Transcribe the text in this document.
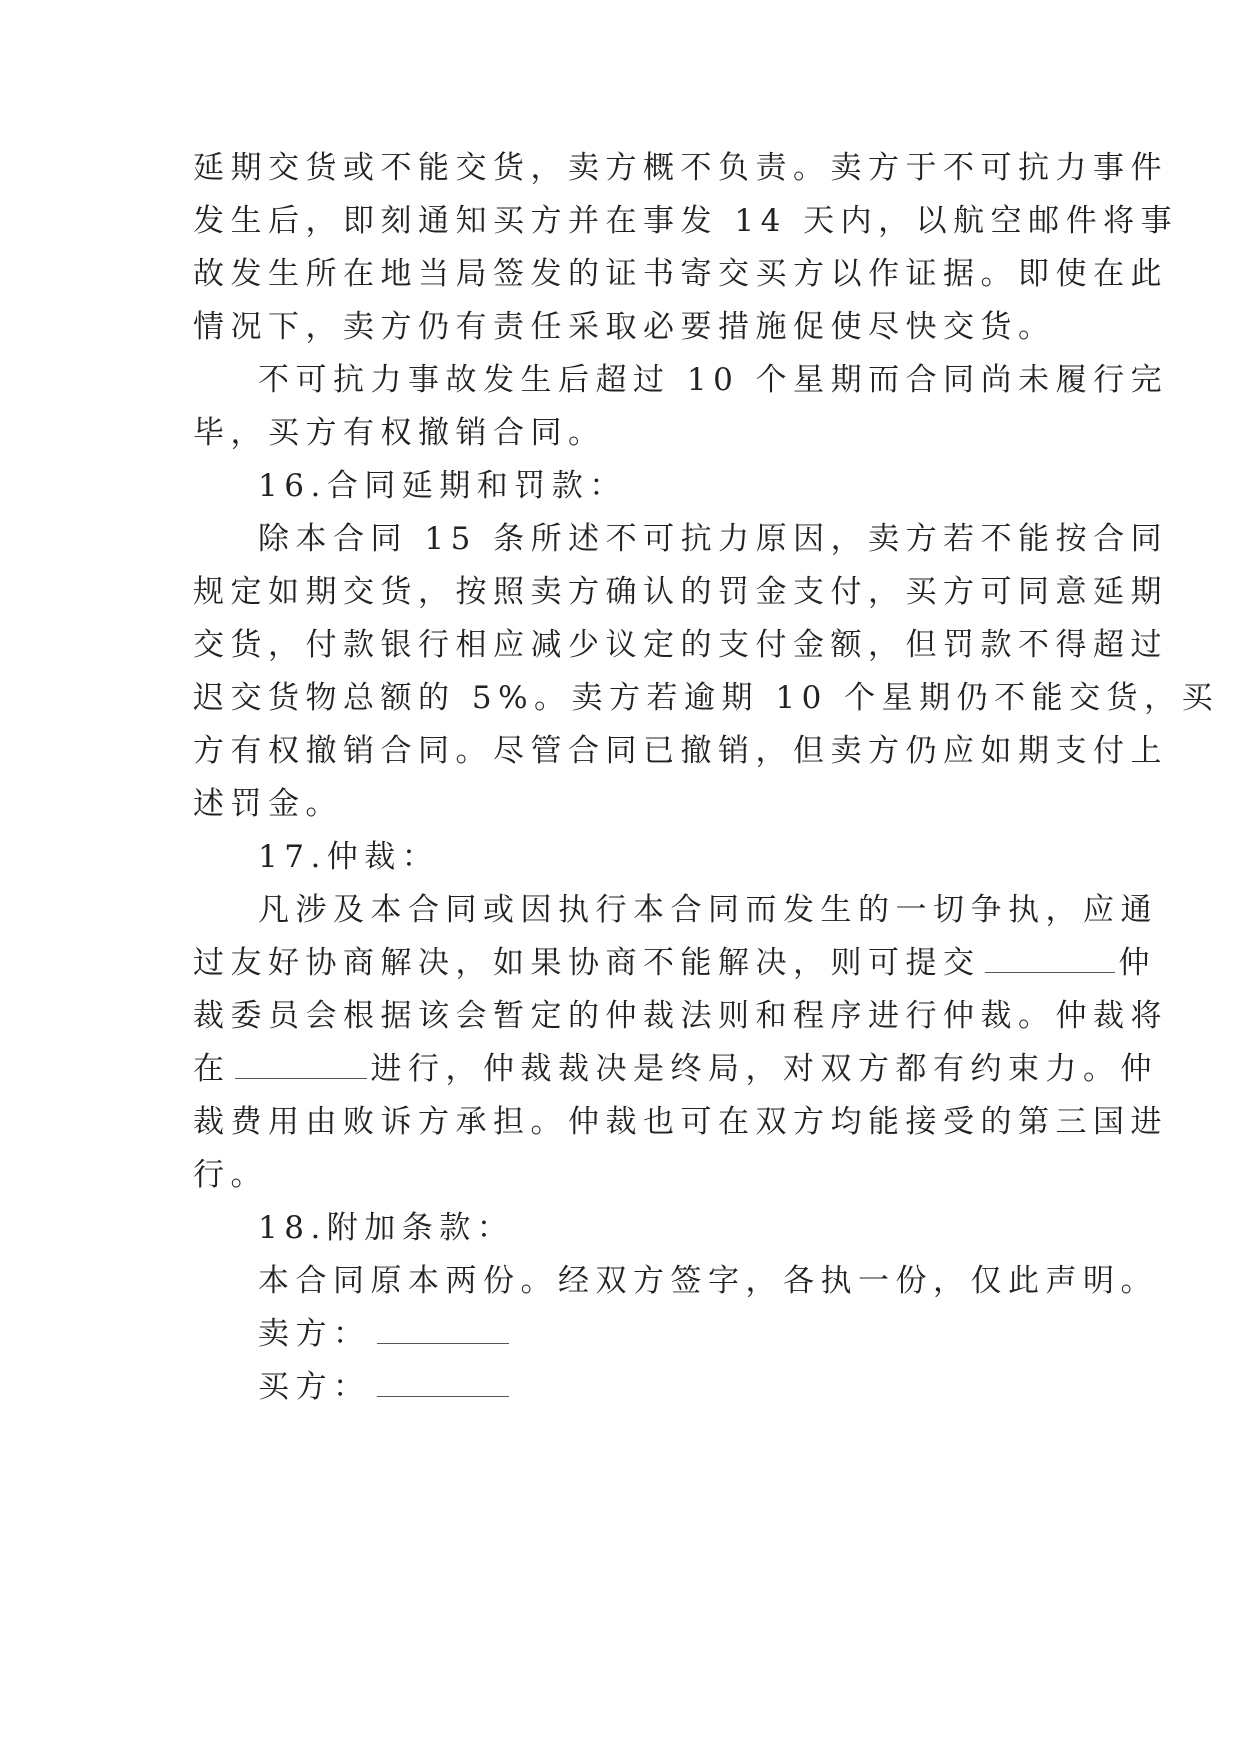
延期交货或不能交货，卖方概不负责。卖方于不可抗力事件
发生后，即刻通知买方并在事发 14 天内，以航空邮件将事
故发生所在地当局签发的证书寄交买方以作证据。即使在此
情况下，卖方仍有责任采取必要措施促使尽快交货。
不可抗力事故发生后超过 10 个星期而合同尚未履行完
毕，买方有权撤销合同。
16.合同延期和罚款：
除本合同 15 条所述不可抗力原因，卖方若不能按合同
规定如期交货，按照卖方确认的罚金支付，买方可同意延期
交货，付款银行相应减少议定的支付金额，但罚款不得超过
迟交货物总额的 5%。卖方若逾期 10 个星期仍不能交货，买
方有权撤销合同。尽管合同已撤销，但卖方仍应如期支付上
述罚金。
17.仲裁：
凡涉及本合同或因执行本合同而发生的一切争执，应通
过友好协商解决，如果协商不能解决，则可提交	仲
裁委员会根据该会暂定的仲裁法则和程序进行仲裁。仲裁将
在	进行，仲裁裁决是终局，对双方都有约束力。仲
裁费用由败诉方承担。仲裁也可在双方均能接受的第三国进
行。
18.附加条款：
本合同原本两份。经双方签字，各执一份，仅此声明。
卖方：
买方：
